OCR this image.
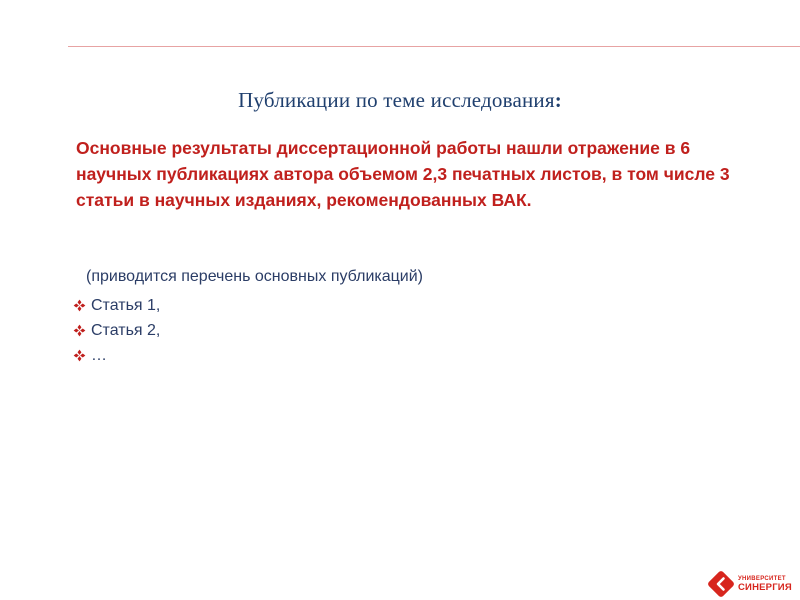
Публикации по теме исследования:
Основные результаты диссертационной работы нашли отражение в 6 научных публикациях автора объемом 2,3 печатных листов, в том числе 3 статьи в научных изданиях, рекомендованных ВАК.
(приводится перечень основных публикаций)
Статья 1,
Статья 2,
…
УНИВЕРСИТЕТ
СИНЕРГИЯ
